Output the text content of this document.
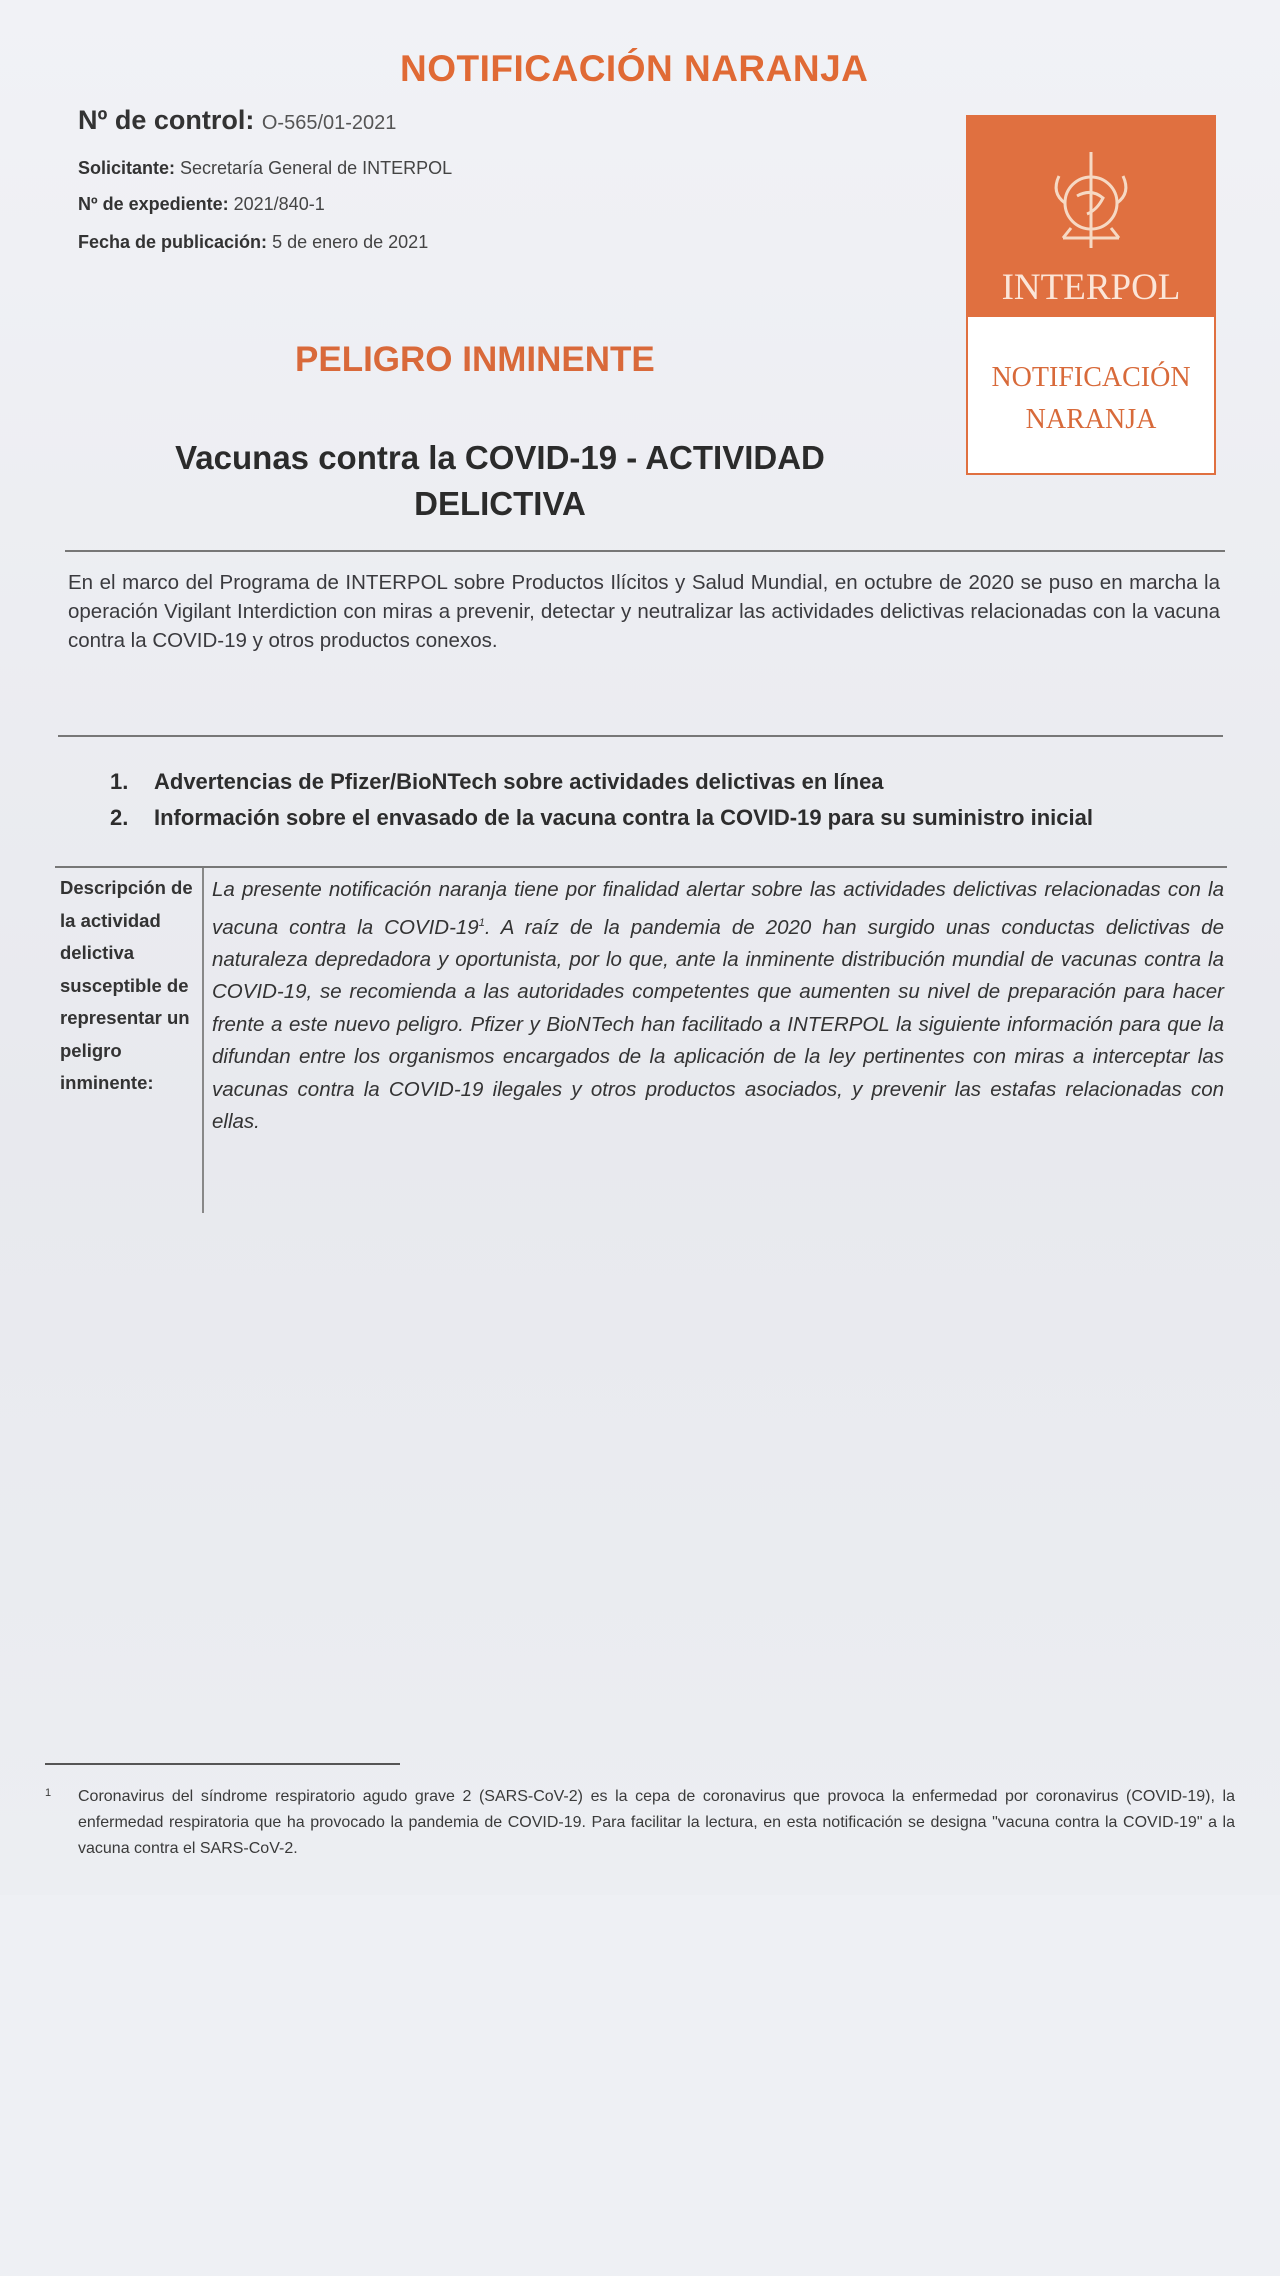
NOTIFICACIÓN NARANJA
Nº de control: O-565/01-2021
Solicitante: Secretaría General de INTERPOL
Nº de expediente: 2021/840-1
Fecha de publicación: 5 de enero de 2021
INTERPOL
NOTIFICACIÓN
NARANJA
PELIGRO INMINENTE
Vacunas contra la COVID-19 - ACTIVIDAD DELICTIVA
En el marco del Programa de INTERPOL sobre Productos Ilícitos y Salud Mundial, en octubre de 2020 se puso en marcha la operación Vigilant Interdiction con miras a prevenir, detectar y neutralizar las actividades delictivas relacionadas con la vacuna contra la COVID-19 y otros productos conexos.
1. Advertencias de Pfizer/BioNTech sobre actividades delictivas en línea
2. Información sobre el envasado de la vacuna contra la COVID-19 para su suministro inicial
Descripción de la actividad delictiva susceptible de representar un peligro inminente:
La presente notificación naranja tiene por finalidad alertar sobre las actividades delictivas relacionadas con la vacuna contra la COVID-$19^1$. A raíz de la pandemia de 2020 han surgido unas conductas delictivas de naturaleza depredadora y oportunista, por lo que, ante la inminente distribución mundial de vacunas contra la COVID-19, se recomienda a las autoridades competentes que aumenten su nivel de preparación para hacer frente a este nuevo peligro. Pfizer y BioNTech han facilitado a INTERPOL la siguiente información para que la difundan entre los organismos encargados de la aplicación de la ley pertinentes con miras a interceptar las vacunas contra la COVID-19 ilegales y otros productos asociados, y prevenir las estafas relacionadas con ellas.
1 Coronavirus del síndrome respiratorio agudo grave 2 (SARS-CoV-2) es la cepa de coronavirus que provoca la enfermedad por coronavirus (COVID-19), la enfermedad respiratoria que ha provocado la pandemia de COVID-19. Para facilitar la lectura, en esta notificación se designa "vacuna contra la COVID-19" a la vacuna contra el SARS-CoV-2.
